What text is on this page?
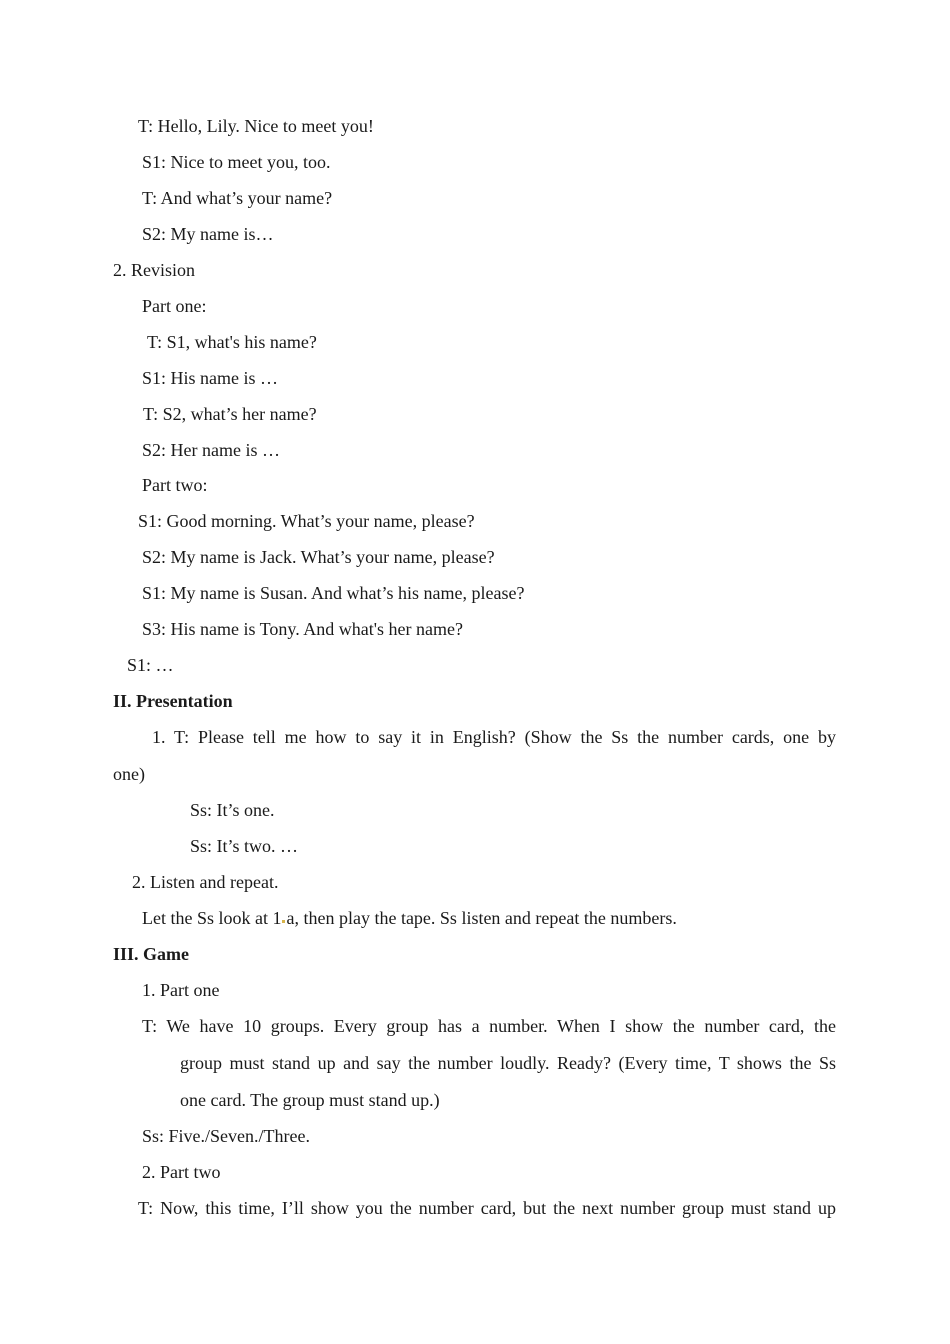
T: Hello, Lily. Nice to meet you!
S1: Nice to meet you, too.
T: And what’s your name?
S2: My name is…
2. Revision
Part one:
T: S1, what's his name?
S1: His name is …
T: S2, what’s her name?
S2: Her name is …
Part two:
S1: Good morning. What’s your name, please?
S2: My name is Jack. What’s your name, please?
S1: My name is Susan. And what’s his name, please?
S3: His name is Tony. And what's her name?
S1: …
II. Presentation
1. T: Please tell me how to say it in English? (Show the Ss the number cards, one by
one)
Ss: It’s one.
Ss: It’s two. …
2. Listen and repeat.
Let the Ss look at 1 a, then play the tape. Ss listen and repeat the numbers.
III. Game
1. Part one
T: We have 10 groups. Every group has a number. When I show the number card, the
group must stand up and say the number loudly. Ready? (Every time, T shows the Ss
one card. The group must stand up.)
Ss: Five./Seven./Three.
2. Part two
T: Now, this time, I’ll show you the number card, but the next number group must stand up
